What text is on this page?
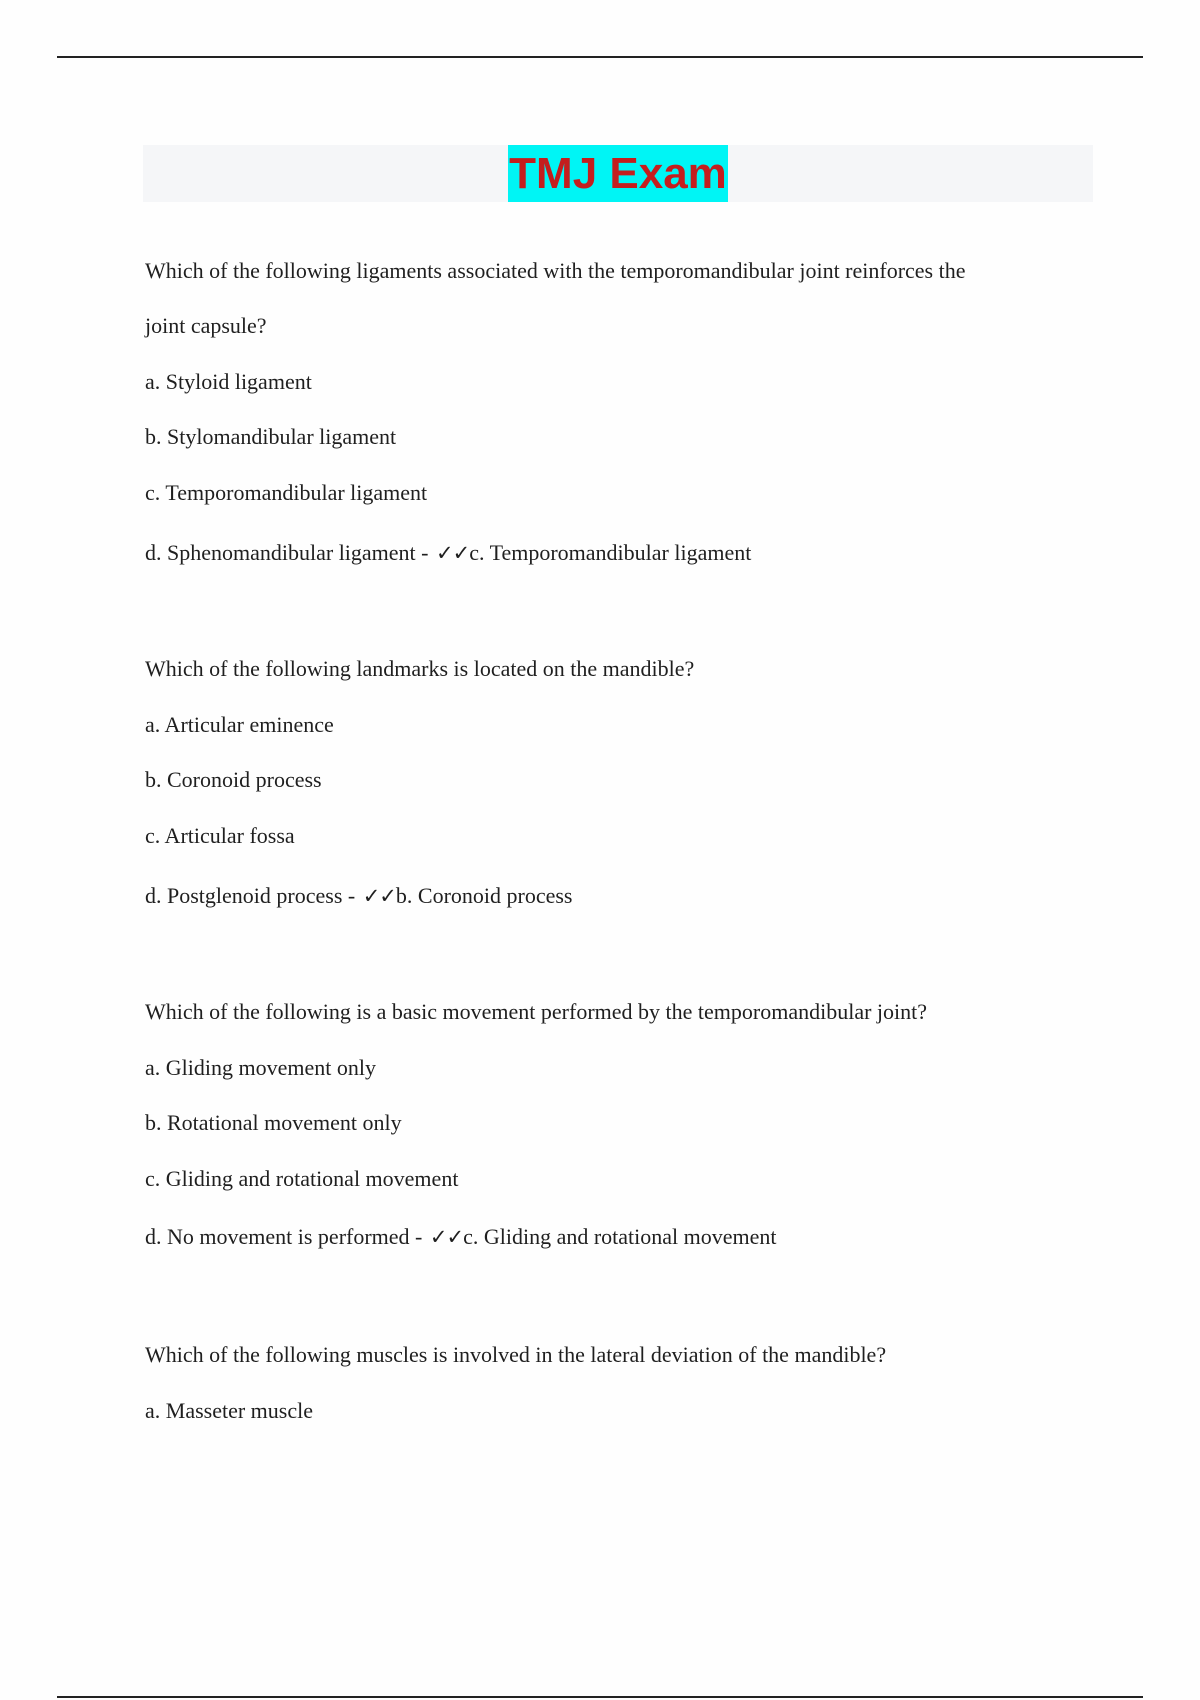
TMJ Exam

Which of the following ligaments associated with the temporomandibular joint reinforces the

joint capsule?

a. Styloid ligament

b. Stylomandibular ligament

c. Temporomandibular ligament

d. Sphenomandibular ligament - ✓✓c. Temporomandibular ligament

Which of the following landmarks is located on the mandible?

a. Articular eminence

b. Coronoid process

c. Articular fossa

d. Postglenoid process - ✓✓b. Coronoid process

Which of the following is a basic movement performed by the temporomandibular joint?

a. Gliding movement only

b. Rotational movement only

c. Gliding and rotational movement

d. No movement is performed - ✓✓c. Gliding and rotational movement

Which of the following muscles is involved in the lateral deviation of the mandible?

a. Masseter muscle
